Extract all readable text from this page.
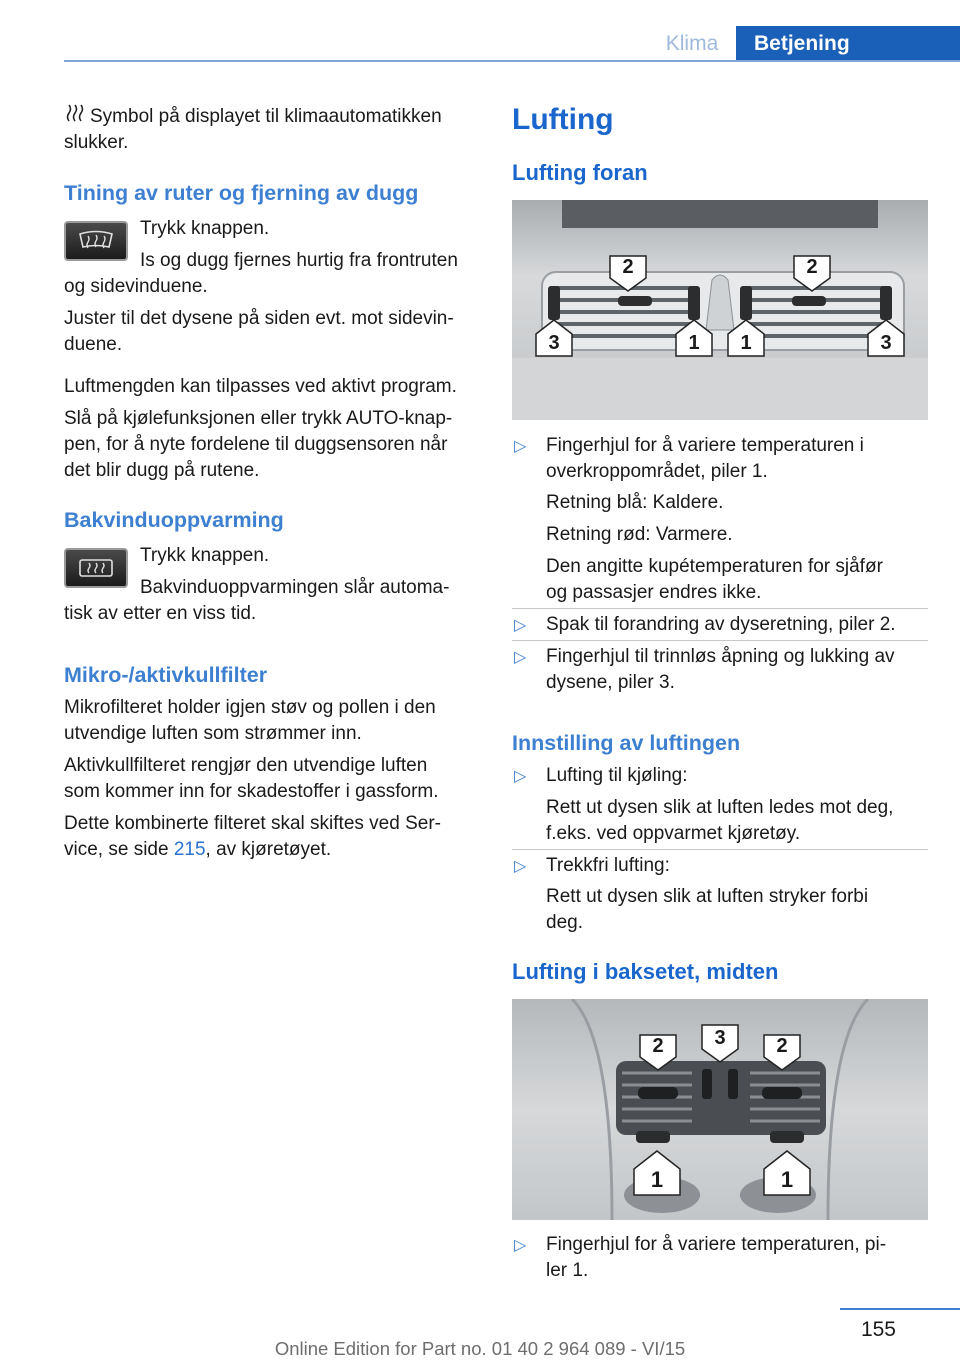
Klima	Betjening
Symbol på displayet til klimaautomatikken
slukker.
Tining av ruter og fjerning av dugg
Trykk knappen.
Is og dugg fjernes hurtig fra frontruten
og sidevinduene.
Juster til det dysene på siden evt. mot sidevin-
duene.
Luftmengden kan tilpasses ved aktivt program.
Slå på kjølefunksjonen eller trykk AUTO-knap-
pen, for å nyte fordelene til duggsensoren når
det blir dugg på rutene.
Bakvinduoppvarming
Trykk knappen.
Bakvinduoppvarmingen slår automa-
tisk av etter en viss tid.
Mikro-/aktivkullfilter
Mikrofilteret holder igjen støv og pollen i den
utvendige luften som strømmer inn.
Aktivkullfilteret rengjør den utvendige luften
som kommer inn for skadestoffer i gassform.
Dette kombinerte filteret skal skiftes ved Ser-
vice, se side 215, av kjøretøyet.
Lufting
Lufting foran
2	2
3	1	1	3
▷ Fingerhjul for å variere temperaturen i
overkroppområdet, piler 1.
Retning blå: Kaldere.
Retning rød: Varmere.
Den angitte kupétemperaturen for sjåfør
og passasjer endres ikke.
▷ Spak til forandring av dyseretning, piler 2.
▷ Fingerhjul til trinnløs åpning og lukking av
dysene, piler 3.
Innstilling av luftingen
▷ Lufting til kjøling:
Rett ut dysen slik at luften ledes mot deg,
f.eks. ved oppvarmet kjøretøy.
▷ Trekkfri lufting:
Rett ut dysen slik at luften stryker forbi
deg.
Lufting i baksetet, midten
2	3	2
1	1
▷ Fingerhjul for å variere temperaturen, pi-
ler 1.
155
Online Edition for Part no. 01 40 2 964 089 - VI/15
